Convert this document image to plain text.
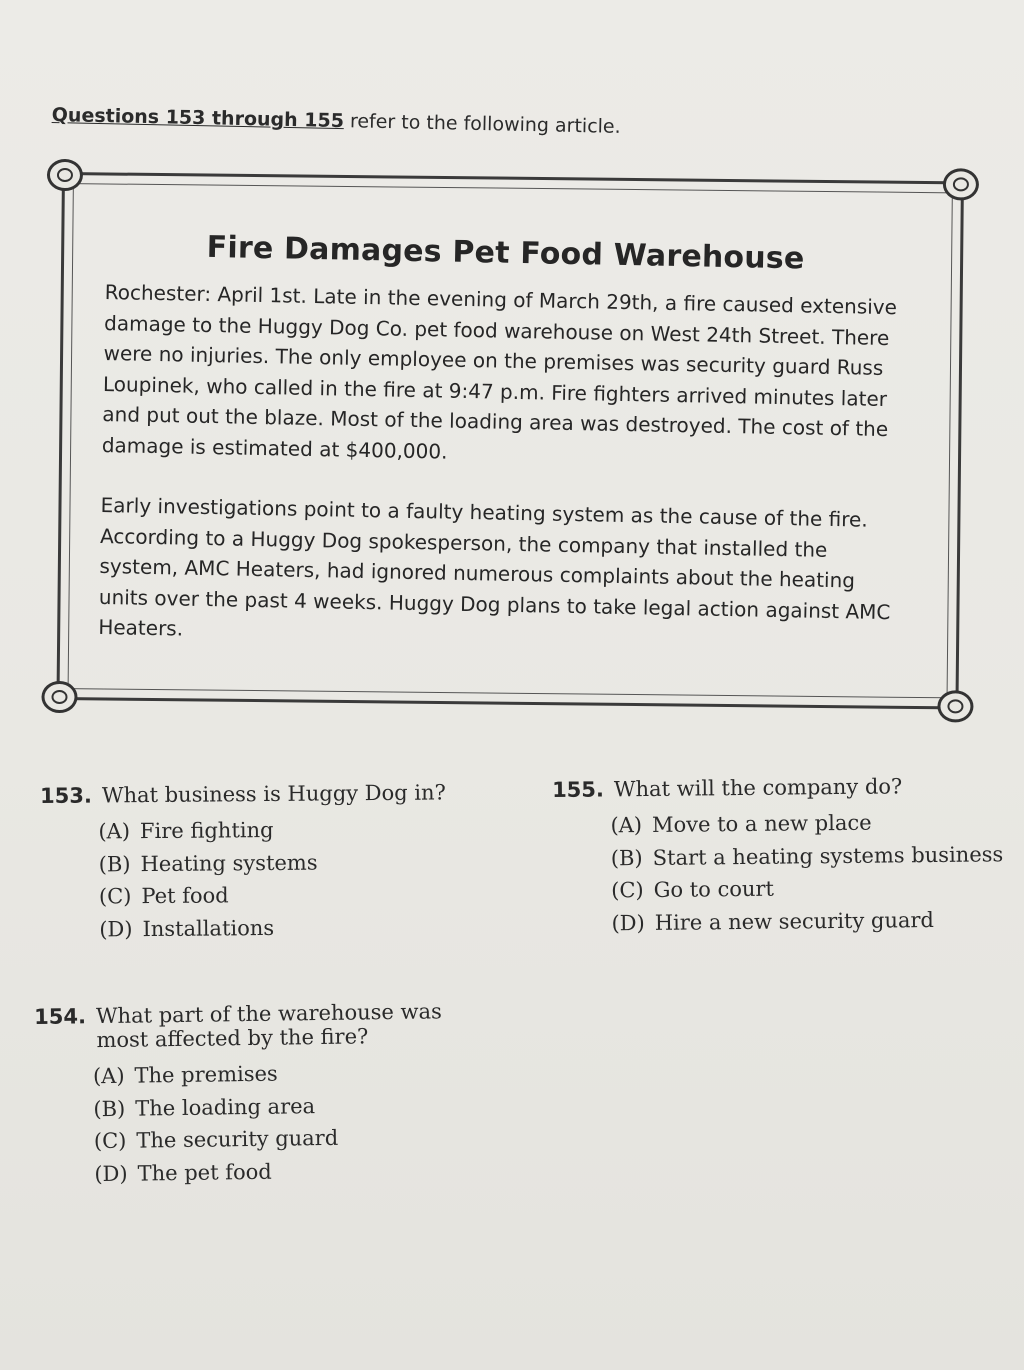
Questions 153 through 155 refer to the following article.
Fire Damages Pet Food Warehouse

Rochester: April 1st. Late in the evening of March 29th, a fire caused extensive damage to the Huggy Dog Co. pet food warehouse on West 24th Street. There were no injuries. The only employee on the premises was security guard Russ Loupinek, who called in the fire at 9:47 p.m. Fire fighters arrived minutes later and put out the blaze. Most of the loading area was destroyed. The cost of the damage is estimated at $400,000.

Early investigations point to a faulty heating system as the cause of the fire. According to a Huggy Dog spokesperson, the company that installed the system, AMC Heaters, had ignored numerous complaints about the heating units over the past 4 weeks. Huggy Dog plans to take legal action against AMC Heaters.

153. What business is Huggy Dog in?
(A) Fire fighting
(B) Heating systems
(C) Pet food
(D) Installations
155. What will the company do?
(A) Move to a new place
(B) Start a heating systems business
(C) Go to court
(D) Hire a new security guard
154. What part of the warehouse was
most affected by the fire?
(A) The premises
(B) The loading area
(C) The security guard
(D) The pet food
